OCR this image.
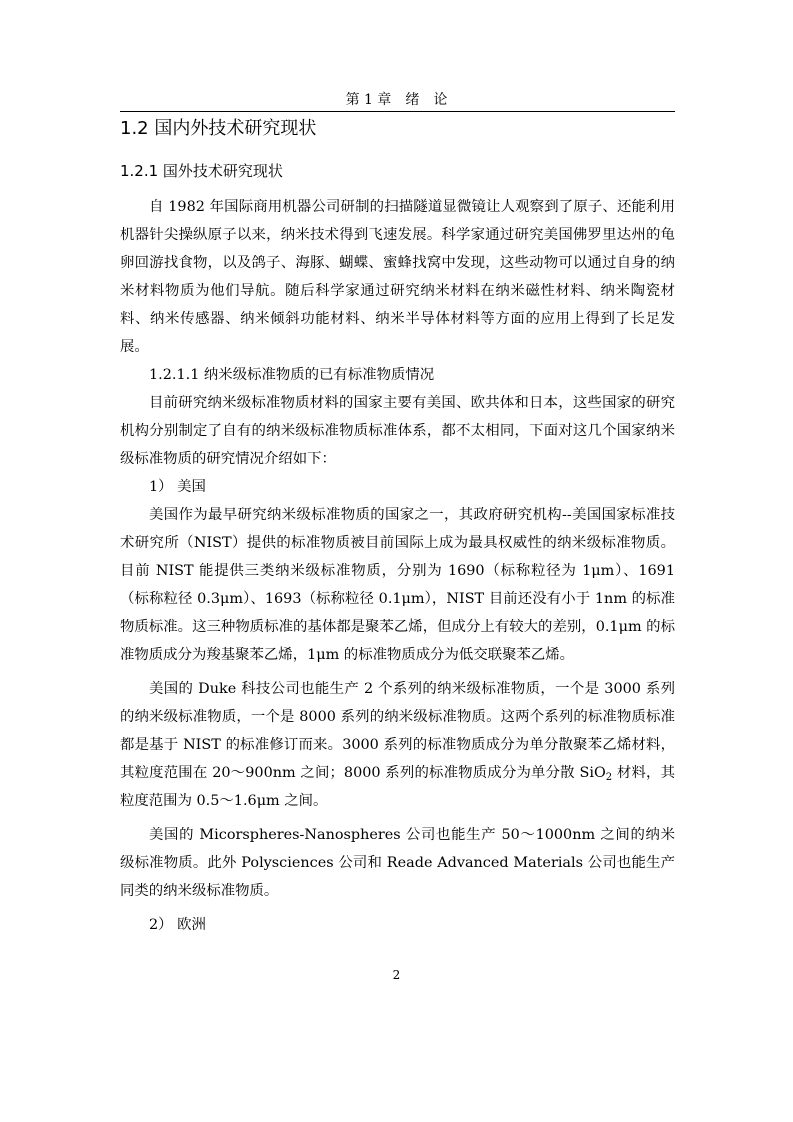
第 1 章　绪　论
1.2 国内外技术研究现状
1.2.1 国外技术研究现状

自 1982 年国际商用机器公司研制的扫描隧道显微镜让人观察到了原子、还能利用机器针尖操纵原子以来，纳米技术得到飞速发展。科学家通过研究美国佛罗里达州的龟卵回游找食物，以及鸽子、海豚、蝴蝶、蜜蜂找窝中发现，这些动物可以通过自身的纳米材料物质为他们导航。随后科学家通过研究纳米材料在纳米磁性材料、纳米陶瓷材料、纳米传感器、纳米倾斜功能材料、纳米半导体材料等方面的应用上得到了长足发展。

1.2.1.1 纳米级标准物质的已有标准物质情况

目前研究纳米级标准物质材料的国家主要有美国、欧共体和日本，这些国家的研究机构分别制定了自有的纳米级标准物质标准体系，都不太相同，下面对这几个国家纳米级标准物质的研究情况介绍如下：

1） 美国

美国作为最早研究纳米级标准物质的国家之一，其政府研究机构--美国国家标准技术研究所（NIST）提供的标准物质被目前国际上成为最具权威性的纳米级标准物质。目前 NIST 能提供三类纳米级标准物质，分别为 1690（标称粒径为 1μm）、1691（标称粒径 0.3μm）、1693（标称粒径 0.1μm），NIST 目前还没有小于 1nm 的标准物质标准。这三种物质标准的基体都是聚苯乙烯，但成分上有较大的差别，0.1μm 的标准物质成分为羧基聚苯乙烯，1μm 的标准物质成分为低交联聚苯乙烯。

美国的 Duke 科技公司也能生产 2 个系列的纳米级标准物质，一个是 3000 系列的纳米级标准物质，一个是 8000 系列的纳米级标准物质。这两个系列的标准物质标准都是基于 NIST 的标准修订而来。3000 系列的标准物质成分为单分散聚苯乙烯材料，其粒度范围在 20～900nm 之间；8000 系列的标准物质成分为单分散 SiO$_2$ 材料，其粒度范围为 0.5～1.6μm 之间。

美国的 Micorspheres-Nanospheres 公司也能生产 50～1000nm 之间的纳米级标准物质。此外 Polysciences 公司和 Reade Advanced Materials 公司也能生产同类的纳米级标准物质。

2） 欧洲

2
